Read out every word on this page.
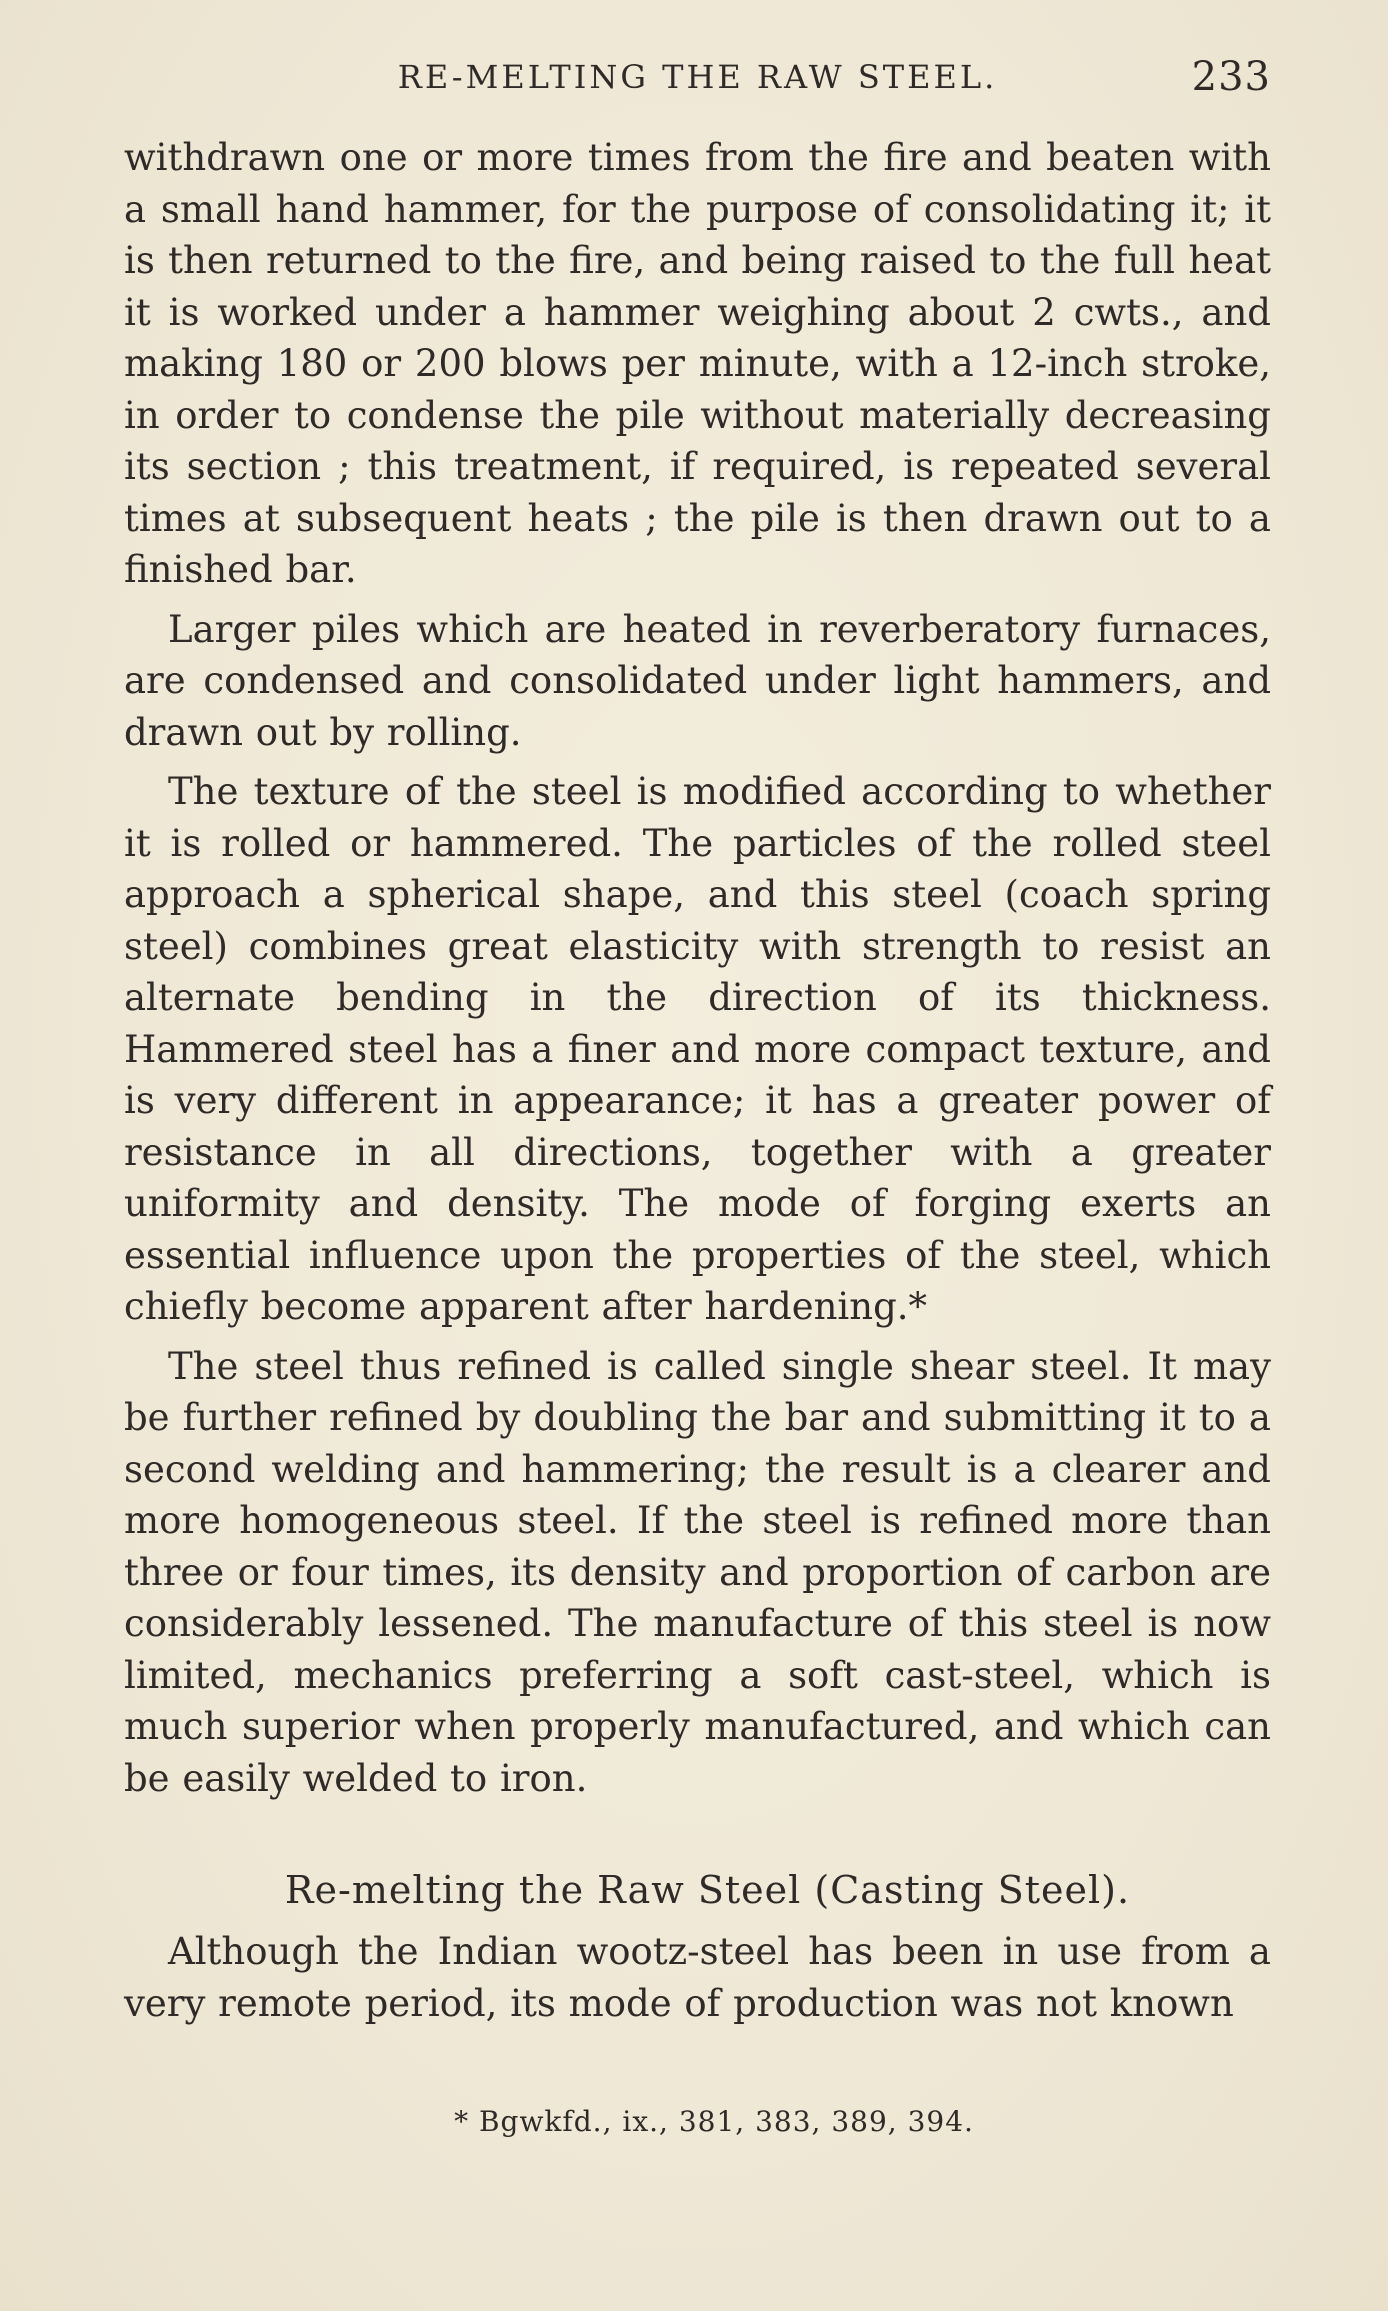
RE-MELTING THE RAW STEEL.	233

withdrawn one or more times from the fire and beaten with a small hand hammer, for the purpose of consolidating it; it is then returned to the fire, and being raised to the full heat it is worked under a hammer weighing about 2 cwts., and making 180 or 200 blows per minute, with a 12-inch stroke, in order to condense the pile without materially decreasing its section ; this treatment, if required, is repeated several times at subsequent heats ; the pile is then drawn out to a finished bar.

Larger piles which are heated in reverberatory furnaces, are condensed and consolidated under light hammers, and drawn out by rolling.

The texture of the steel is modified according to whether it is rolled or hammered. The particles of the rolled steel approach a spherical shape, and this steel (coach spring steel) combines great elasticity with strength to resist an alternate bending in the direction of its thickness. Hammered steel has a finer and more compact texture, and is very different in appearance; it has a greater power of resistance in all directions, together with a greater uniformity and density. The mode of forging exerts an essential influence upon the properties of the steel, which chiefly become apparent after hardening.*

The steel thus refined is called single shear steel. It may be further refined by doubling the bar and submitting it to a second welding and hammering; the result is a clearer and more homogeneous steel. If the steel is refined more than three or four times, its density and proportion of carbon are considerably lessened. The manufacture of this steel is now limited, mechanics preferring a soft cast-steel, which is much superior when properly manufactured, and which can be easily welded to iron.

Re-melting the Raw Steel (Casting Steel).

Although the Indian wootz-steel has been in use from a very remote period, its mode of production was not known

* Bgwkfd., ix., 381, 383, 389, 394.
